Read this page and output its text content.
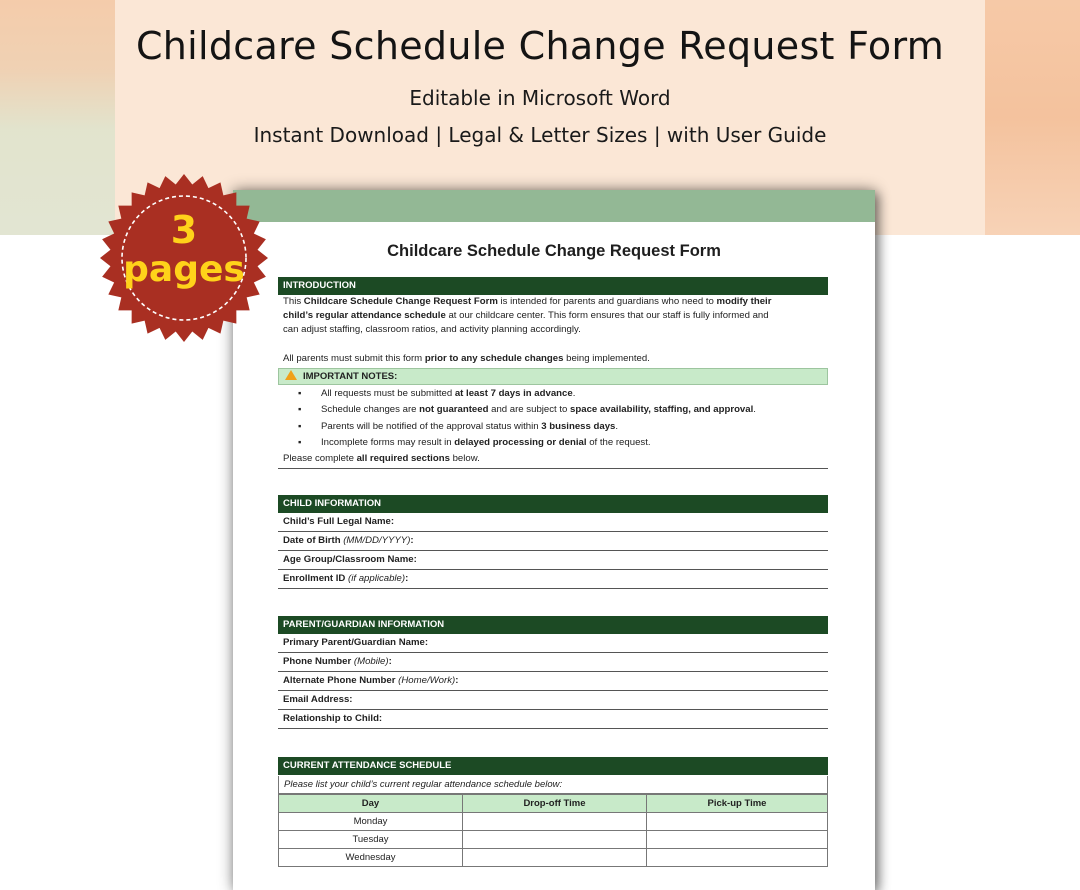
Childcare Schedule Change Request Form
Editable in Microsoft Word
Instant Download | Legal & Letter Sizes | with User Guide
Childcare Schedule Change Request Form
INTRODUCTION
This Childcare Schedule Change Request Form is intended for parents and guardians who need to modify their
child’s regular attendance schedule at our childcare center. This form ensures that our staff is fully informed and
can adjust staffing, classroom ratios, and activity planning accordingly.
All parents must submit this form prior to any schedule changes being implemented.
IMPORTANT NOTES:
▪ All requests must be submitted at least 7 days in advance.
▪ Schedule changes are not guaranteed and are subject to space availability, staffing, and approval.
▪ Parents will be notified of the approval status within 3 business days.
▪ Incomplete forms may result in delayed processing or denial of the request.
Please complete all required sections below.
CHILD INFORMATION
Child’s Full Legal Name:
Date of Birth (MM/DD/YYYY):
Age Group/Classroom Name:
Enrollment ID (if applicable):
PARENT/GUARDIAN INFORMATION
Primary Parent/Guardian Name:
Phone Number (Mobile):
Alternate Phone Number (Home/Work):
Email Address:
Relationship to Child:
CURRENT ATTENDANCE SCHEDULE
Please list your child’s current regular attendance schedule below:
Day	Drop-off Time	Pick-up Time
Monday		
Tuesday		
Wednesday		
3
pages
